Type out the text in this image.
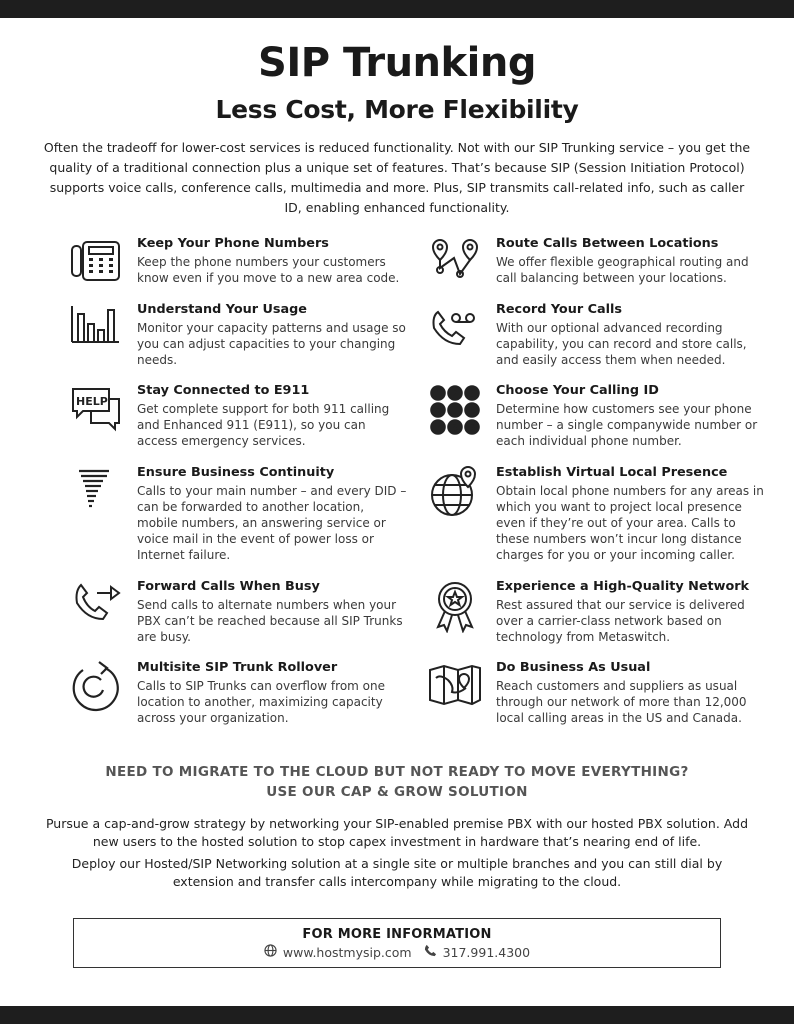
SIP Trunking
Less Cost, More Flexibility

Often the tradeoff for lower-cost services is reduced functionality. Not with our SIP Trunking service – you get the quality of a traditional connection plus a unique set of features. That’s because SIP (Session Initiation Protocol) supports voice calls, conference calls, multimedia and more. Plus, SIP transmits call-related info, such as caller ID, enabling enhanced functionality.

Keep Your Phone Numbers

Keep the phone numbers your customers know even if you move to a new area code.

Understand Your Usage

Monitor your capacity patterns and usage so you can adjust capacities to your changing needs.

HELP
Stay Connected to E911

Get complete support for both 911 calling and Enhanced 911 (E911), so you can access emergency services.

Ensure Business Continuity

Calls to your main number – and every DID – can be forwarded to another location, mobile numbers, an answering service or voice mail in the event of power loss or Internet failure.

Forward Calls When Busy

Send calls to alternate numbers when your PBX can’t be reached because all SIP Trunks are busy.

Multisite SIP Trunk Rollover

Calls to SIP Trunks can overflow from one location to another, maximizing capacity across your organization.

Route Calls Between Locations

We offer flexible geographical routing and call balancing between your locations.

Record Your Calls

With our optional advanced recording capability, you can record and store calls, and easily access them when needed.

1 2 3
4 5 6
7 8 9
Choose Your Calling ID

Determine how customers see your phone number – a single companywide number or each individual phone number.

Establish Virtual Local Presence

Obtain local phone numbers for any areas in which you want to project local presence even if they’re out of your area. Calls to these numbers won’t incur long distance charges for you or your incoming caller.

Experience a High-Quality Network

Rest assured that our service is delivered over a carrier-class network based on technology from Metaswitch.

Do Business As Usual

Reach customers and suppliers as usual through our network of more than 12,000 local calling areas in the US and Canada.

NEED TO MIGRATE TO THE CLOUD BUT NOT READY TO MOVE EVERYTHING?
USE OUR CAP & GROW SOLUTION

Pursue a cap-and-grow strategy by networking your SIP-enabled premise PBX with our hosted PBX solution. Add new users to the hosted solution to stop capex investment in hardware that’s nearing end of life.

Deploy our Hosted/SIP Networking solution at a single site or multiple branches and you can still dial by extension and transfer calls intercompany while migrating to the cloud.

FOR MORE INFORMATION
www.hostmysip.com 317.991.4300
